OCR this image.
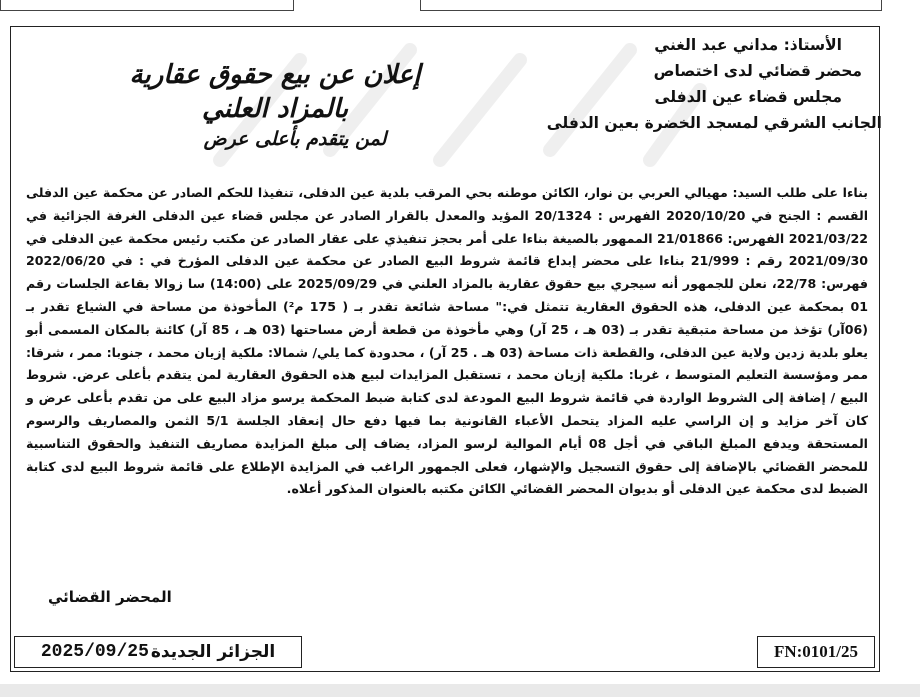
الأستاذ: مداني عبد الغني
محضر قضائي لدى اختصاص
مجلس قضاء عين الدفلى
الجانب الشرقي لمسجد الخضرة بعين الدفلى
إعلان عن بيع حقوق عقارية
بالمزاد العلني
لمن يتقدم بأعلى عرض

بناءا على طلب السيد: مهيالي العربي بن نوار، الكائن موطنه بحي المرقب بلدية عين الدفلى، تنفيذا للحكم الصادر عن محكمة عين الدفلى القسم : الجنح في 2020/10/20 الفهرس : 20/1324 المؤيد والمعدل بالقرار الصادر عن مجلس قضاء عين الدفلى الغرفة الجزائية في 2021/03/22 الفهرس: 21/01866 الممهور بالصيغة بناءا على أمر بحجز تنفيذي على عقار الصادر عن مكتب رئيس محكمة عين الدفلى في 2021/09/30 رقم : 21/999 بناءا على محضر إبداع قائمة شروط البيع الصادر عن محكمة عين الدفلى المؤرخ في : في 2022/06/20 فهرس: 22/78، نعلن للجمهور أنه سيجري بيع حقوق عقارية بالمزاد العلني في 2025/09/29 على (14:00) سا زوالا بقاعة الجلسات رقم 01 بمحكمة عين الدفلى، هذه الحقوق العقارية تتمثل في:" مساحة شائعة تقدر بـ ( 175 م²) المأخوذة من مساحة في الشياع تقدر بـ (06آر) تؤخذ من مساحة متبقية تقدر بـ (03 هـ ، 25 آر) وهي مأخوذة من قطعة أرض مساحتها (03 هـ ، 85 آر) كائنة بالمكان المسمى أبو يعلو بلدية زدين ولاية عين الدفلى، والقطعة ذات مساحة (03 هـ . 25 آر) ، محدودة كما يلي/ شمالا: ملكية إزيان محمد ، جنوبا: ممر ، شرقا: ممر ومؤسسة التعليم المتوسط ، غربا: ملكية إزيان محمد ، تستقبل المزايدات لبيع هذه الحقوق العقارية لمن يتقدم بأعلى عرض. شروط البيع / إضافة إلى الشروط الواردة في قائمة شروط البيع المودعة لدى كتابة ضبط المحكمة يرسو مزاد البيع على من تقدم بأعلى عرض و كان آخر مزايد و إن الراسي عليه المزاد يتحمل الأعباء القانونية بما فيها دفع حال إنعقاد الجلسة 5/1 الثمن والمصاريف والرسوم المستحقة ويدفع المبلغ الباقي في أجل 08 أيام الموالية لرسو المزاد، يضاف إلى مبلغ المزايدة مصاريف التنفيذ والحقوق التناسبية للمحضر القضائي بالإضافة إلى حقوق التسجيل والإشهار، فعلى الجمهور الراغب في المزايدة الإطلاع على قائمة شروط البيع لدى كتابة الضبط لدى محكمة عين الدفلى أو بديوان المحضر القضائي الكائن مكتبه بالعنوان المذكور أعلاه.

المحضر القضائي
الجزائر الجديدة
2025/09/25	FN:0101/25
